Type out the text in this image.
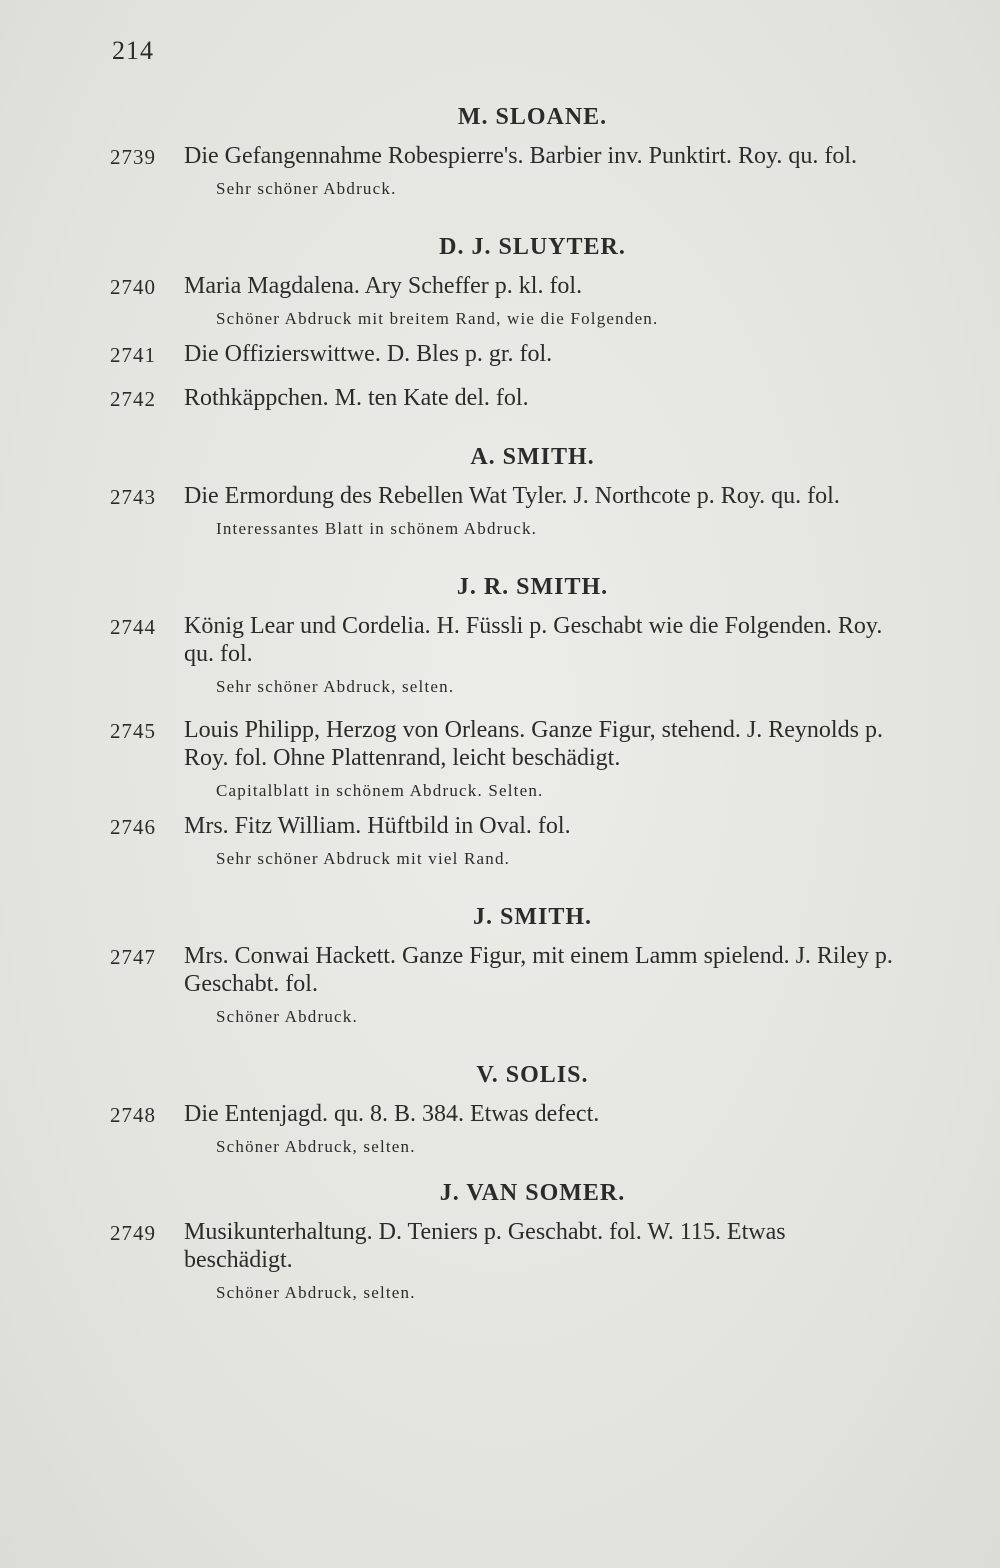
214
M. SLOANE.
2739 Die Gefangennahme Robespierre's. Barbier inv. Punktirt. Roy. qu. fol.
Sehr schöner Abdruck.
D. J. SLUYTER.
2740 Maria Magdalena. Ary Scheffer p. kl. fol.
Schöner Abdruck mit breitem Rand, wie die Folgenden.
2741 Die Offizierswittwe. D. Bles p. gr. fol.
2742 Rothkäppchen. M. ten Kate del. fol.
A. SMITH.
2743 Die Ermordung des Rebellen Wat Tyler. J. Northcote p. Roy. qu. fol.
Interessantes Blatt in schönem Abdruck.
J. R. SMITH.
2744 König Lear und Cordelia. H. Füssli p. Geschabt wie die Folgenden. Roy. qu. fol.
Sehr schöner Abdruck, selten.
2745 Louis Philipp, Herzog von Orleans. Ganze Figur, stehend. J. Reynolds p. Roy. fol. Ohne Plattenrand, leicht beschädigt.
Capitalblatt in schönem Abdruck. Selten.
2746 Mrs. Fitz William. Hüftbild in Oval. fol.
Sehr schöner Abdruck mit viel Rand.
J. SMITH.
2747 Mrs. Conwai Hackett. Ganze Figur, mit einem Lamm spielend. J. Riley p. Geschabt. fol.
Schöner Abdruck.
V. SOLIS.
2748 Die Entenjagd. qu. 8. B. 384. Etwas defect.
Schöner Abdruck, selten.
J. VAN SOMER.
2749 Musikunterhaltung. D. Teniers p. Geschabt. fol. W. 115. Etwas beschädigt.
Schöner Abdruck, selten.
